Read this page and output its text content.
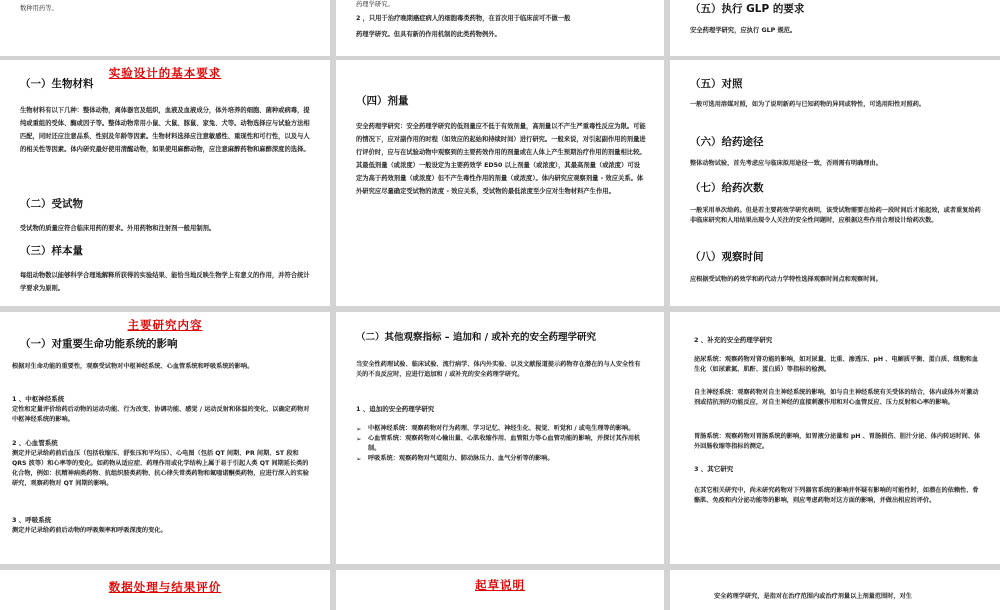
数种用药等。

药理学研究。

2 ，只用于治疗晚期癌症病人的细胞毒类药物，在首次用于临床前可不做一般

药理学研究。但具有新的作用机制的此类药物例外。

（五）执行 GLP 的要求

安全药理学研究，应执行 GLP 规范。

实验设计的基本要求

（一）生物材料

生物材料有以下几种：整体动物，离体器官及组织，血液及血液成分，体外培养的细胞、菌种或病毒，提纯或重组的受体、酶或因子等。整体动物常用小鼠、大鼠、豚鼠、家兔、犬等。动物选择应与试验方法相匹配，同时还应注意品系、性别及年龄等因素。生物材料选择应注意敏感性、重现性和可行性，以及与人的相关性等因素。体内研究最好使用清醒动物，如果使用麻醉动物，应注意麻醉药物和麻醉深度的选择。

（二）受试物

受试物的质量应符合临床用药的要求。外用药物和注射剂一般用制剂。

（三）样本量

每组动物数以能够科学合理地解释所获得的实验结果、能恰当地反映生物学上有意义的作用，并符合统计学要求为原则。

（四）剂量

安全药理学研究：安全药理学研究的低剂量应不低于有效剂量，高剂量以不产生严重毒性反应为限。可能的情况下，应对副作用的时程（如效应的起始和持续时间）进行研究。一般来说，对引起副作用的剂量进行评价时，应与在试验动物中观察到的主要药效作用的剂量或在人体上产生预期治疗作用的剂量相比较。其最低剂量（或浓度）一般设定为主要药效学 ED50 以上剂量（或浓度），其最高剂量（或浓度）可设定为高于药效剂量（或浓度）但不产生毒性作用的剂量（或浓度）。体内研究应观察剂量 - 效应关系。体外研究应尽量确定受试物的浓度 - 效应关系，受试物的最低浓度至少应对生物材料产生作用。

（五）对照

一般可选用溶媒对照，如为了说明新药与已知药物的异同或特性，可选用阳性对照药。

（六）给药途径

整体动物试验，首先考虑应与临床拟用途径一致，否则需有明确理由。

（七）给药次数

一般采用单次给药。但是若主要药效学研究表明，该受试物需要在给药一段时间后才能起效，或者重复给药非临床研究和人用结果出现令人关注的安全性问题时，应根据这些作用合理设计给药次数。

（八）观察时间

应根据受试物的药效学和药代动力学特性选择观察时间点和观察时间。

主要研究内容

（一）对重要生命功能系统的影响

根据对生命功能的重要性，观察受试物对中枢神经系统、心血管系统和呼吸系统的影响。

1 、中枢神经系统

定性和定量评价给药后动物的运动功能、行为改变、协调功能、感觉 / 运动反射和体温的变化，以确定药物对中枢神经系统的影响。

2 、心血管系统

测定并记录给药前后血压（包括收缩压、舒张压和平均压）、心电图（包括 QT 间期、PR 间期、ST 段和 QRS 波等）和心率等的变化。如药物从适应症、药理作用或化学结构上属于易于引起人类 QT 间期延长类的化合物，例如：抗精神病类药物、抗组织胺类药物、抗心律失常类药物和氟喹诺酮类药物，应进行深入的实验研究，观察药物对 QT 间期的影响。

3 、呼吸系统

测定并记录给药前后动物的呼吸频率和呼吸深度的变化。

（二）其他观察指标 – 追加和 / 或补充的安全药理学研究

当安全性药理试验、临床试验、流行病学、体内外实验、以及文献报道提示药物存在潜在的与人安全性有关的不良反应时，应进行追加和 / 或补充的安全药理学研究。

1 、追加的安全药理学研究

➢ 中枢神经系统：观察药物对行为药理、学习记忆、神经生化、视觉、听觉和 / 或电生理等的影响。
➢ 心血管系统：观察药物对心输出量、心肌收缩作用、血管阻力等心血管功能的影响，并探讨其作用机制。
➢ 呼吸系统：观察药物对气道阻力、肺动脉压力、血气分析等的影响。

2 、补充的安全药理学研究

泌尿系统：观察药物对肾功能的影响，如对尿量、比重、渗透压、pH 、电解质平衡、蛋白质、细胞和血生化（如尿素氮、肌酐、蛋白质）等指标的检测。

自主神经系统：观察药物对自主神经系统的影响，如与自主神经系统有关受体的结合，体内或体外对激动剂或拮抗剂的功能反应，对自主神经的直接刺激作用和对心血管反应、压力反射和心率的影响。

胃肠系统：观察药物对胃肠系统的影响，如胃液分泌量和 pH 、胃肠损伤、胆汁分泌、体内转运时间、体外回肠收缩等指标的测定。

3 、其它研究

在其它相关研究中，尚未研究药物对下列器官系统的影响并怀疑有影响的可能性时，如潜在的依赖性、骨骼肌、免疫和内分泌功能等的影响，则应考虑药物对这方面的影响，并做出相应的评价。

数据处理与结果评价	起草说明

安全药理学研究，是指对在治疗范围内或治疗剂量以上剂量范围时，对生
